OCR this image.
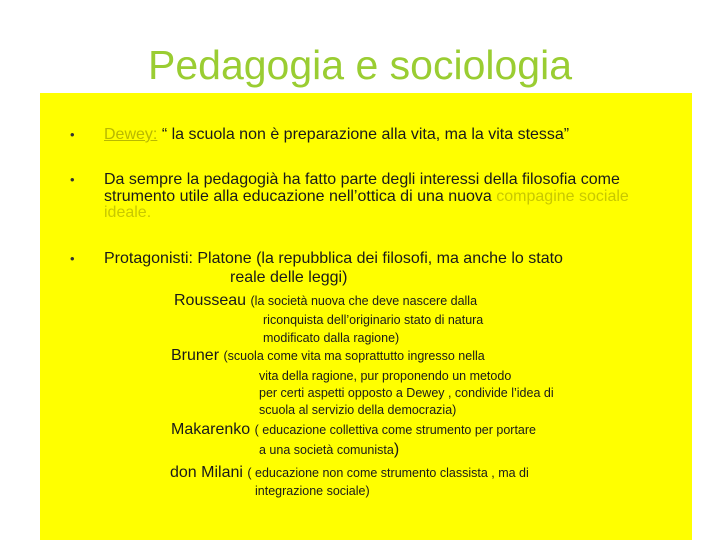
Pedagogia e sociologia
• Dewey: “ la scuola non è preparazione alla vita, ma la vita stessa”
• Da sempre la pedagogià ha fatto parte degli interessi della filosofia come
strumento utile alla educazione nell’ottica di una nuova compagine sociale
ideale.
• Protagonisti: Platone (la repubblica dei filosofi, ma anche lo stato
reale delle leggi)
Rousseau (la società nuova che deve nascere dalla
riconquista dell’originario stato di natura
modificato dalla ragione)
Bruner (scuola come vita ma soprattutto ingresso nella
vita della ragione, pur proponendo un metodo
per certi aspetti opposto a Dewey , condivide l’idea di
scuola al servizio della democrazia)
Makarenko ( educazione collettiva come strumento per portare
a una società comunista)
don Milani ( educazione non come strumento classista , ma di
integrazione sociale)
